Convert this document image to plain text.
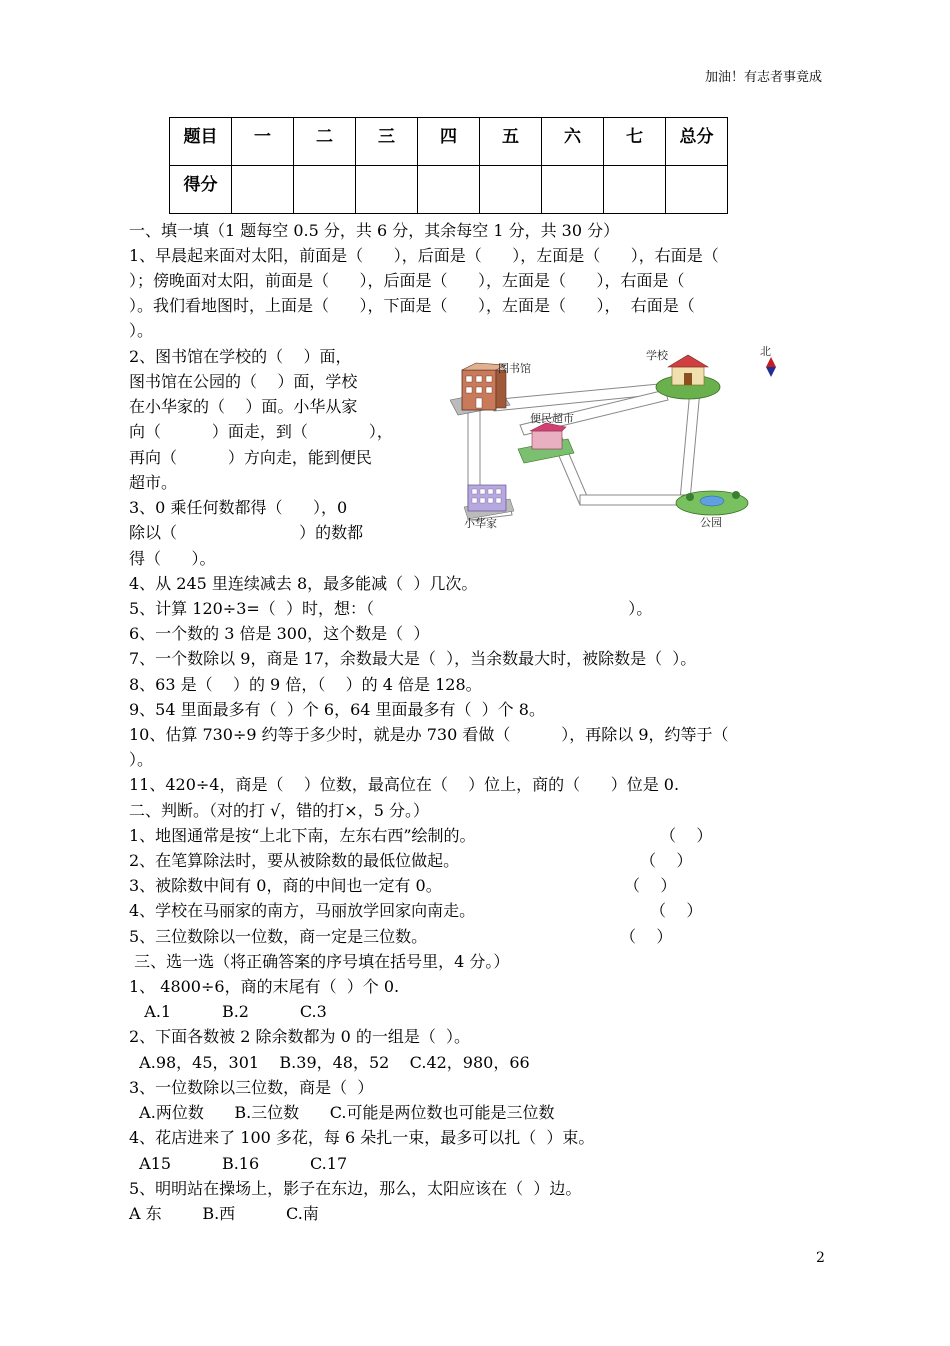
加油！有志者事竟成
题目	一	二	三	四	五	六	七	总分
得分								
一、填一填（1 题每空 0.5 分，共 6 分，其余每空 1 分，共 30 分）
1、早晨起来面对太阳，前面是（      ），后面是（      ），左面是（      ），右面是（
）；傍晚面对太阳，前面是（      ），后面是（      ），左面是（      ），右面是（
）。我们看地图时，上面是（      ），下面是（      ），左面是（      ），  右面是（
）。
2、图书馆在学校的（    ）面，
图书馆在公园的（    ）面，学校
在小华家的（    ）面。小华从家
向（          ）面走，到（            ），
再向（          ）方向走，能到便民
超市。
3、0 乘任何数都得（      ），0
除以（                        ）的数都
得（      ）。
4、从 245 里连续减去 8，最多能减（  ）几次。
5、计算 120÷3=（  ）时，想：（                                                  ）。
6、一个数的 3 倍是 300，这个数是（  ）
7、一个数除以 9，商是 17，余数最大是（  ），当余数最大时，被除数是（  ）。
8、63 是（    ）的 9 倍，（    ）的 4 倍是 128。
9、54 里面最多有（  ）个 6，64 里面最多有（  ）个 8。
10、估算 730÷9 约等于多少时，就是办 730 看做（          ），再除以 9，约等于（
）。
11、420÷4，商是（    ）位数，最高位在（    ）位上，商的（      ）位是 0.
二、判断。（对的打 √，错的打×，5 分。）
1、地图通常是按“上北下南，左东右西”绘制的。
2、在笔算除法时，要从被除数的最低位做起。
3、被除数中间有 0，商的中间也一定有 0。
4、学校在马丽家的南方，马丽放学回家向南走。
5、三位数除以一位数，商一定是三位数。
（    ）
（    ）
（    ）
（    ）
（    ）
三、选一选（将正确答案的序号填在括号里，4 分。）
1、 4800÷6，商的末尾有（  ）个 0.
A.1          B.2          C.3
2、下面各数被 2 除余数都为 0 的一组是（  ）。
A.98，45，301    B.39，48，52    C.42，980，66
3、一位数除以三位数，商是（  ）
A.两位数      B.三位数      C.可能是两位数也可能是三位数
4、花店进来了 100 多花，每 6 朵扎一束，最多可以扎（  ）束。
A15          B.16          C.17
5、明明站在操场上，影子在东边，那么，太阳应该在（  ）边。
A 东        B.西          C.南
图书馆
学校	北
便民超市
小华家	公园
2
